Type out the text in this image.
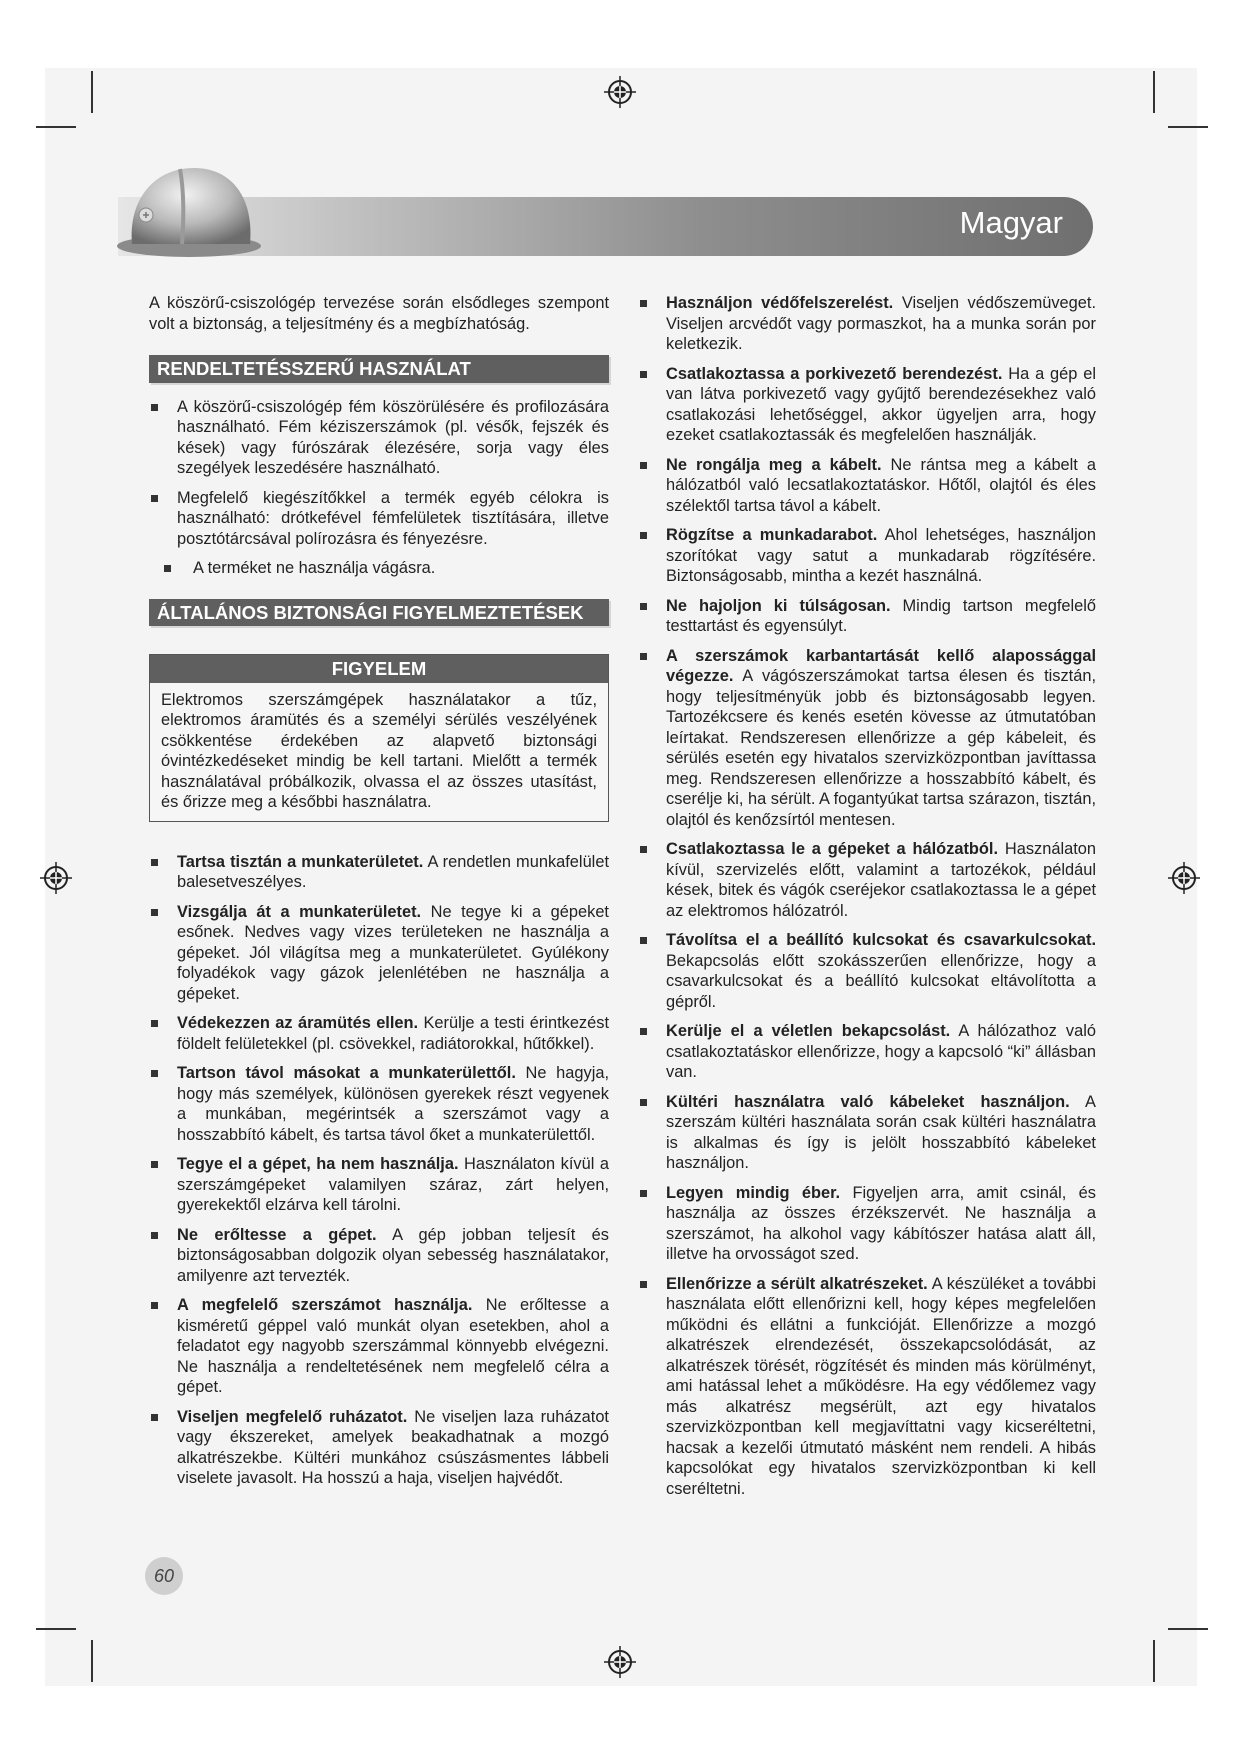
Magyar

A köszörű-csiszológép tervezése során elsődleges szempont volt a biztonság, a teljesítmény és a megbízhatóság.

RENDELTETÉSSZERŰ HASZNÁLAT
A köszörű-csiszológép fém köszörülésére és profilozására használható. Fém kéziszerszámok (pl. vésők, fejszék és kések) vagy fúrószárak élezésére, sorja vagy éles szegélyek leszedésére használható.
Megfelelő kiegészítőkkel a termék egyéb célokra is használható: drótkefével fémfelületek tisztítására, illetve posztótárcsával polírozásra és fényezésre.
A terméket ne használja vágásra.
ÁLTALÁNOS BIZTONSÁGI FIGYELMEZTETÉSEK
FIGYELEM

Elektromos szerszámgépek használatakor a tűz, elektromos áramütés és a személyi sérülés veszélyének csökkentése érdekében az alapvető biztonsági óvintézkedéseket mindig be kell tartani. Mielőtt a termék használatával próbálkozik, olvassa el az összes utasítást, és őrizze meg a későbbi használatra.

Tartsa tisztán a munkaterületet. A rendetlen munkafelület balesetveszélyes.
Vizsgálja át a munkaterületet. Ne tegye ki a gépeket esőnek. Nedves vagy vizes területeken ne használja a gépeket. Jól világítsa meg a munkaterületet. Gyúlékony folyadékok vagy gázok jelenlétében ne használja a gépeket.
Védekezzen az áramütés ellen. Kerülje a testi érintkezést földelt felületekkel (pl. csövekkel, radiátorokkal, hűtőkkel).
Tartson távol másokat a munkaterülettől. Ne hagyja, hogy más személyek, különösen gyerekek részt vegyenek a munkában, megérintsék a szerszámot vagy a hosszabbító kábelt, és tartsa távol őket a munkaterülettől.
Tegye el a gépet, ha nem használja. Használaton kívül a szerszámgépeket valamilyen száraz, zárt helyen, gyerekektől elzárva kell tárolni.
Ne erőltesse a gépet. A gép jobban teljesít és biztonságosabban dolgozik olyan sebesség használatakor, amilyenre azt tervezték.
A megfelelő szerszámot használja. Ne erőltesse a kisméretű géppel való munkát olyan esetekben, ahol a feladatot egy nagyobb szerszámmal könnyebb elvégezni. Ne használja a rendeltetésének nem megfelelő célra a gépet.
Viseljen megfelelő ruházatot. Ne viseljen laza ruházatot vagy ékszereket, amelyek beakadhatnak a mozgó alkatrészekbe. Kültéri munkához csúszásmentes lábbeli viselete javasolt. Ha hosszú a haja, viseljen hajvédőt.
Használjon védőfelszerelést. Viseljen védőszemüveget. Viseljen arcvédőt vagy pormaszkot, ha a munka során por keletkezik.
Csatlakoztassa a porkivezető berendezést. Ha a gép el van látva porkivezető vagy gyűjtő berendezésekhez való csatlakozási lehetőséggel, akkor ügyeljen arra, hogy ezeket csatlakoztassák és megfelelően használják.
Ne rongálja meg a kábelt. Ne rántsa meg a kábelt a hálózatból való lecsatlakoztatáskor. Hőtől, olajtól és éles szélektől tartsa távol a kábelt.
Rögzítse a munkadarabot. Ahol lehetséges, használjon szorítókat vagy satut a munkadarab rögzítésére. Biztonságosabb, mintha a kezét használná.
Ne hajoljon ki túlságosan. Mindig tartson megfelelő testtartást és egyensúlyt.
A szerszámok karbantartását kellő alapossággal végezze. A vágószerszámokat tartsa élesen és tisztán, hogy teljesítményük jobb és biztonságosabb legyen. Tartozékcsere és kenés esetén kövesse az útmutatóban leírtakat. Rendszeresen ellenőrizze a gép kábeleit, és sérülés esetén egy hivatalos szervizközpontban javíttassa meg. Rendszeresen ellenőrizze a hosszabbító kábelt, és cserélje ki, ha sérült. A fogantyúkat tartsa szárazon, tisztán, olajtól és kenőzsírtól mentesen.
Csatlakoztassa le a gépeket a hálózatból. Használaton kívül, szervizelés előtt, valamint a tartozékok, például kések, bitek és vágók cseréjekor csatlakoztassa le a gépet az elektromos hálózatról.
Távolítsa el a beállító kulcsokat és csavarkulcsokat. Bekapcsolás előtt szokásszerűen ellenőrizze, hogy a csavarkulcsokat és a beállító kulcsokat eltávolította a gépről.
Kerülje el a véletlen bekapcsolást. A hálózathoz való csatlakoztatáskor ellenőrizze, hogy a kapcsoló “ki” állásban van.
Kültéri használatra való kábeleket használjon. A szerszám kültéri használata során csak kültéri használatra is alkalmas és így is jelölt hosszabbító kábeleket használjon.
Legyen mindig éber. Figyeljen arra, amit csinál, és használja az összes érzékszervét. Ne használja a szerszámot, ha alkohol vagy kábítószer hatása alatt áll, illetve ha orvosságot szed.
Ellenőrizze a sérült alkatrészeket. A készüléket a további használata előtt ellenőrizni kell, hogy képes megfelelően működni és ellátni a funkcióját. Ellenőrizze a mozgó alkatrészek elrendezését, összekapcsolódását, az alkatrészek törését, rögzítését és minden más körülményt, ami hatással lehet a működésre. Ha egy védőlemez vagy más alkatrész megsérült, azt egy hivatalos szervizközpontban kell megjavíttatni vagy kicseréltetni, hacsak a kezelői útmutató másként nem rendeli. A hibás kapcsolókat egy hivatalos szervizközpontban ki kell cseréltetni.
60
